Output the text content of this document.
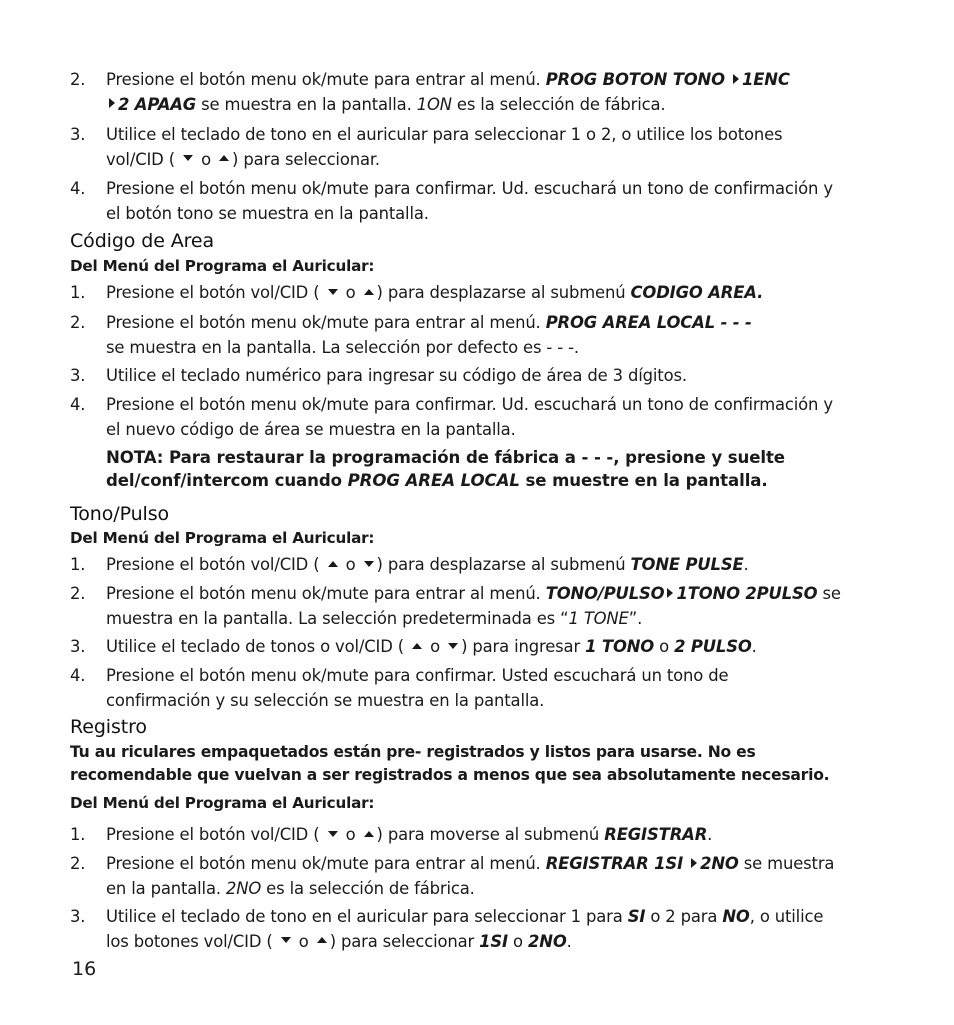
2.	Presione el botón menu ok/mute para entrar al menú. PROG BOTON TONO 1ENC
2 APAAG se muestra en la pantalla. 1ON es la selección de fábrica.
3.	Utilice el teclado de tono en el auricular para seleccionar 1 o 2, o utilice los botones
vol/CID ( o ) para seleccionar.
4.	Presione el botón menu ok/mute para confirmar. Ud. escuchará un tono de confirmación y
el botón tono se muestra en la pantalla.
Código de Area
Del Menú del Programa el Auricular:
1.	Presione el botón vol/CID ( o ) para desplazarse al submenú CODIGO AREA.
2.	Presione el botón menu ok/mute para entrar al menú. PROG AREA LOCAL - - -
se muestra en la pantalla. La selección por defecto es - - -.
3.	Utilice el teclado numérico para ingresar su código de área de 3 dígitos.
4.	Presione el botón menu ok/mute para confirmar. Ud. escuchará un tono de confirmación y
el nuevo código de área se muestra en la pantalla.
NOTA: Para restaurar la programación de fábrica a - - -, presione y suelte
del/conf/intercom cuando PROG AREA LOCAL se muestre en la pantalla.
Tono/Pulso
Del Menú del Programa el Auricular:
1.	Presione el botón vol/CID ( o ) para desplazarse al submenú TONE PULSE.
2.	Presione el botón menu ok/mute para entrar al menú. TONO/PULSO 1TONO 2PULSO se
muestra en la pantalla. La selección predeterminada es “1 TONE”.
3.	Utilice el teclado de tonos o vol/CID ( o ) para ingresar 1 TONO o 2 PULSO.
4.	Presione el botón menu ok/mute para confirmar. Usted escuchará un tono de
confirmación y su selección se muestra en la pantalla.
Registro
Tu au riculares empaquetados están pre- registrados y listos para usarse. No es
recomendable que vuelvan a ser registrados a menos que sea absolutamente necesario.
Del Menú del Programa el Auricular:
1.	Presione el botón vol/CID ( o ) para moverse al submenú REGISTRAR.
2.	Presione el botón menu ok/mute para entrar al menú. REGISTRAR 1SI 2NO se muestra
en la pantalla. 2NO es la selección de fábrica.
3.	Utilice el teclado de tono en el auricular para seleccionar 1 para SI o 2 para NO, o utilice
los botones vol/CID ( o ) para seleccionar 1SI o 2NO.
16
